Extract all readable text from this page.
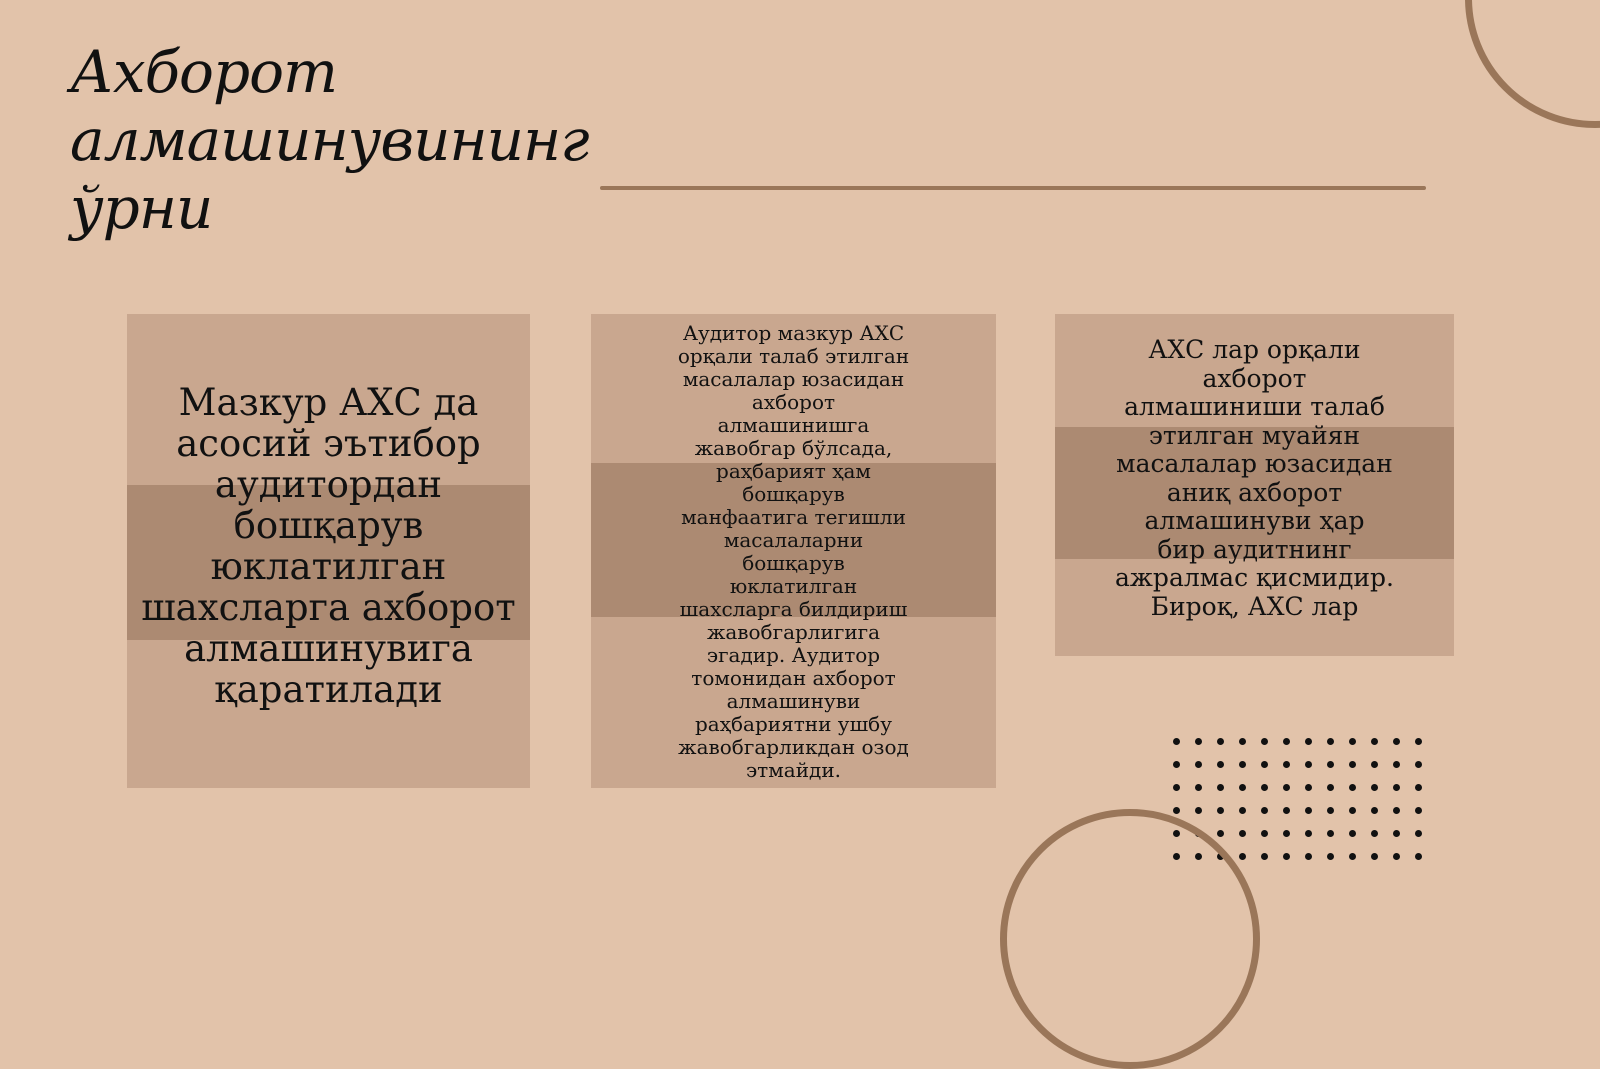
Ахборот
алмашинувининг
ўрни
Мазкур АХС да
асосий эътибор
аудитордан
бошқарув
юклатилган
шахсларга ахборот
алмашинувига
қаратилади
Аудитор мазкур АХС
орқали талаб этилган
масалалар юзасидан
ахборот
алмашинишга
жавобгар бўлсада,
раҳбарият ҳам
бошқарув
манфаатига тегишли
масалаларни
бошқарув
юклатилган
шахсларга билдириш
жавобгарлигига
эгадир. Аудитор
томонидан ахборот
алмашинуви
раҳбариятни ушбу
жавобгарликдан озод
этмайди.
АХС лар орқали
ахборот
алмашиниши талаб
этилган муайян
масалалар юзасидан
аниқ ахборот
алмашинуви ҳар
бир аудитнинг
ажралмас қисмидир.
Бироқ, АХС лар
